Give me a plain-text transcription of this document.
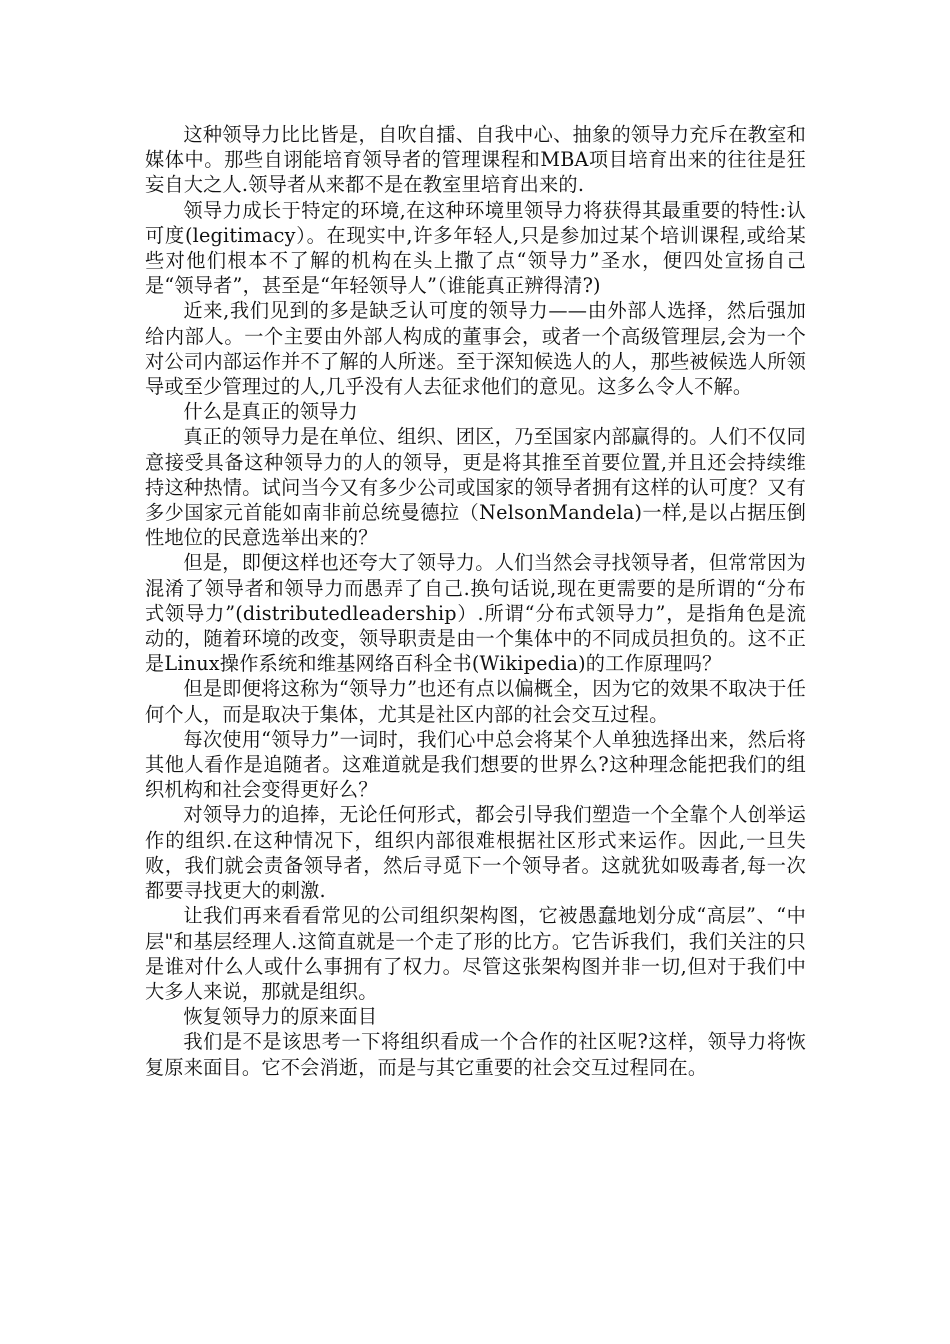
这种领导力比比皆是，自吹自擂、自我中心、抽象的领导力充斥在教室和媒体中。那些自诩能培育领导者的管理课程和MBA项目培育出来的往往是狂妄自大之人.领导者从来都不是在教室里培育出来的.

领导力成长于特定的环境,在这种环境里领导力将获得其最重要的特性:认可度(legitimacy）。在现实中,许多年轻人,只是参加过某个培训课程,或给某些对他们根本不了解的机构在头上撒了点“领导力”圣水，便四处宣扬自己是“领导者”，甚至是“年轻领导人”（谁能真正辨得清?)

近来,我们见到的多是缺乏认可度的领导力——由外部人选择，然后强加给内部人。一个主要由外部人构成的董事会，或者一个高级管理层,会为一个对公司内部运作并不了解的人所迷。至于深知候选人的人，那些被候选人所领导或至少管理过的人,几乎没有人去征求他们的意见。这多么令人不解。

什么是真正的领导力

真正的领导力是在单位、组织、团区，乃至国家内部赢得的。人们不仅同意接受具备这种领导力的人的领导，更是将其推至首要位置,并且还会持续维持这种热情。试问当今又有多少公司或国家的领导者拥有这样的认可度？又有多少国家元首能如南非前总统曼德拉（NelsonMandela)一样,是以占据压倒性地位的民意选举出来的？

但是，即便这样也还夸大了领导力。人们当然会寻找领导者，但常常因为混淆了领导者和领导力而愚弄了自己.换句话说,现在更需要的是所谓的“分布式领导力”(distributedleadership）.所谓“分布式领导力”，是指角色是流动的，随着环境的改变，领导职责是由一个集体中的不同成员担负的。这不正是Linux操作系统和维基网络百科全书(Wikipedia)的工作原理吗？

但是即便将这称为“领导力”也还有点以偏概全，因为它的效果不取决于任何个人，而是取决于集体，尤其是社区内部的社会交互过程。

每次使用“领导力”一词时，我们心中总会将某个人单独选择出来，然后将其他人看作是追随者。这难道就是我们想要的世界么?这种理念能把我们的组织机构和社会变得更好么？

对领导力的追捧，无论任何形式，都会引导我们塑造一个全靠个人创举运作的组织.在这种情况下，组织内部很难根据社区形式来运作。因此,一旦失败，我们就会责备领导者，然后寻觅下一个领导者。这就犹如吸毒者,每一次都要寻找更大的刺激.

让我们再来看看常见的公司组织架构图，它被愚蠢地划分成“高层”、“中层"和基层经理人.这简直就是一个走了形的比方。它告诉我们，我们关注的只是谁对什么人或什么事拥有了权力。尽管这张架构图并非一切,但对于我们中大多人来说，那就是组织。

恢复领导力的原来面目

我们是不是该思考一下将组织看成一个合作的社区呢?这样，领导力将恢复原来面目。它不会消逝，而是与其它重要的社会交互过程同在。
